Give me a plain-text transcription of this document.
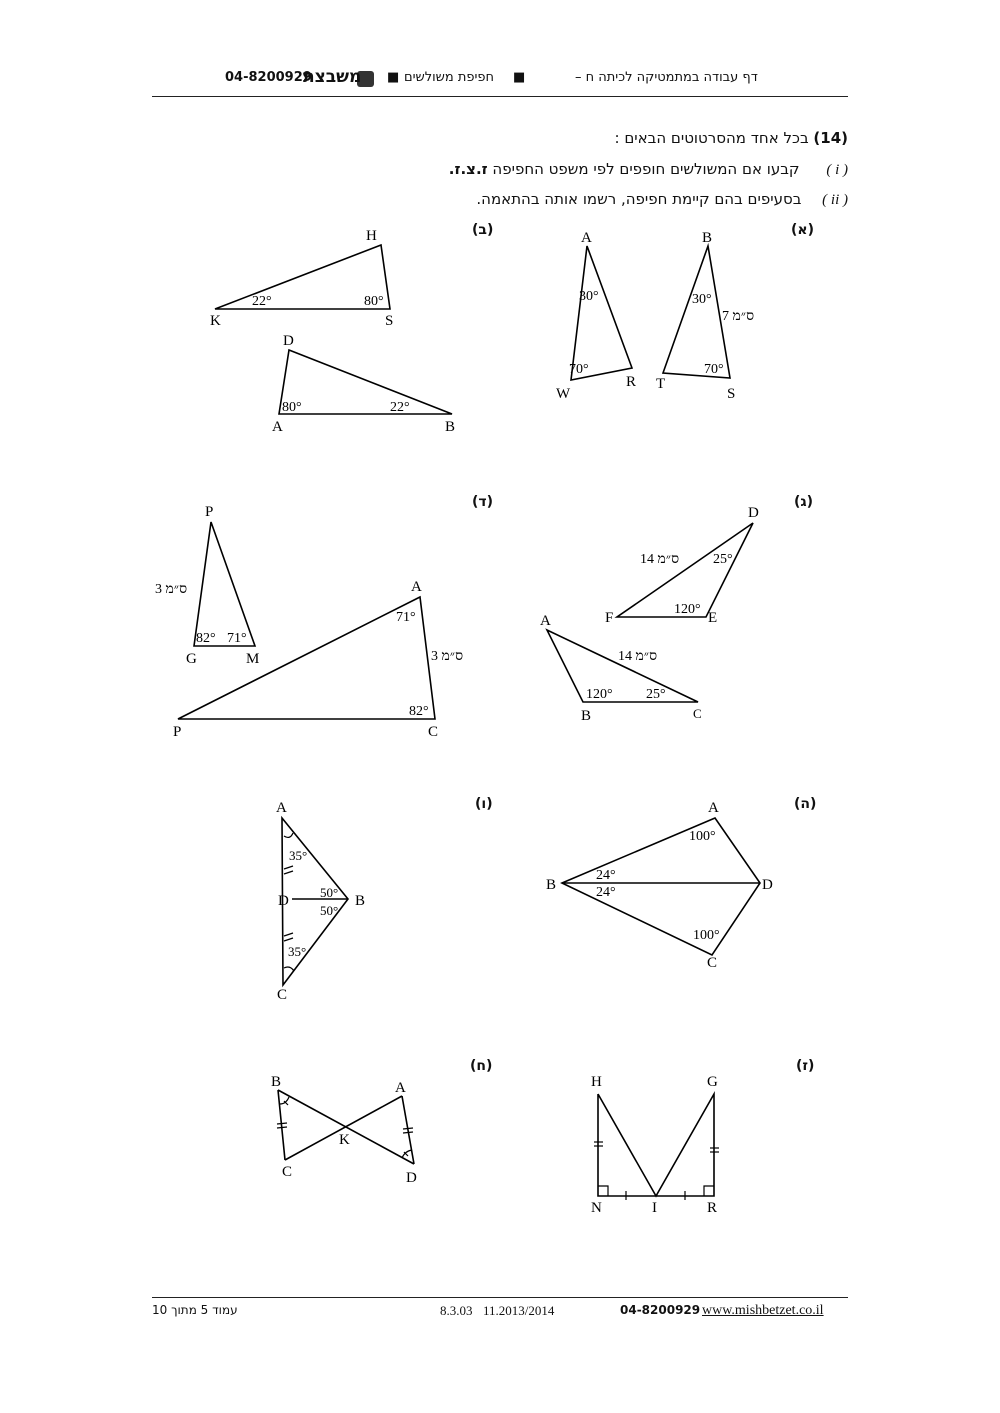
דף עבודה במתמטיקה לכיתה ח –
■
חפיפת משולשים
■
משבצת
04-8200929
(14) בכל אחד מהסרטוטים הבאים :
( i ) קבעו אם המשולשים חופפים לפי משפט החפיפה ז.צ.ז.
( ii ) בסעיפים בהם קיימת חפיפה, רשמו אותה בהתאמה.
(א)
(ב)
(ג)
(ד)
(ה)
(ו)
(ז)
(ח)
A
W
R
B
T
S
30°
70°
30°
70°
7 ס״מ
H
K	S
22°	80°
D
A	B
80°	22°
D
F	E
25°
120°
14 ס״מ
A
B	C
120° 25°
14 ס״מ
P
G	M
82° 71°
3 ס״מ	A
P	C
71°
82°
3 ס״מ
A
B	D
C
100°
100°
24°
24°
A
D	B
C
35°
35°
50°
50°
H	G
N	I	R
B	A
K
C	D
עמוד 5 מתוך 10	8.3.03 11.2013/2014	04-8200929 www.mishbetzet.co.il
